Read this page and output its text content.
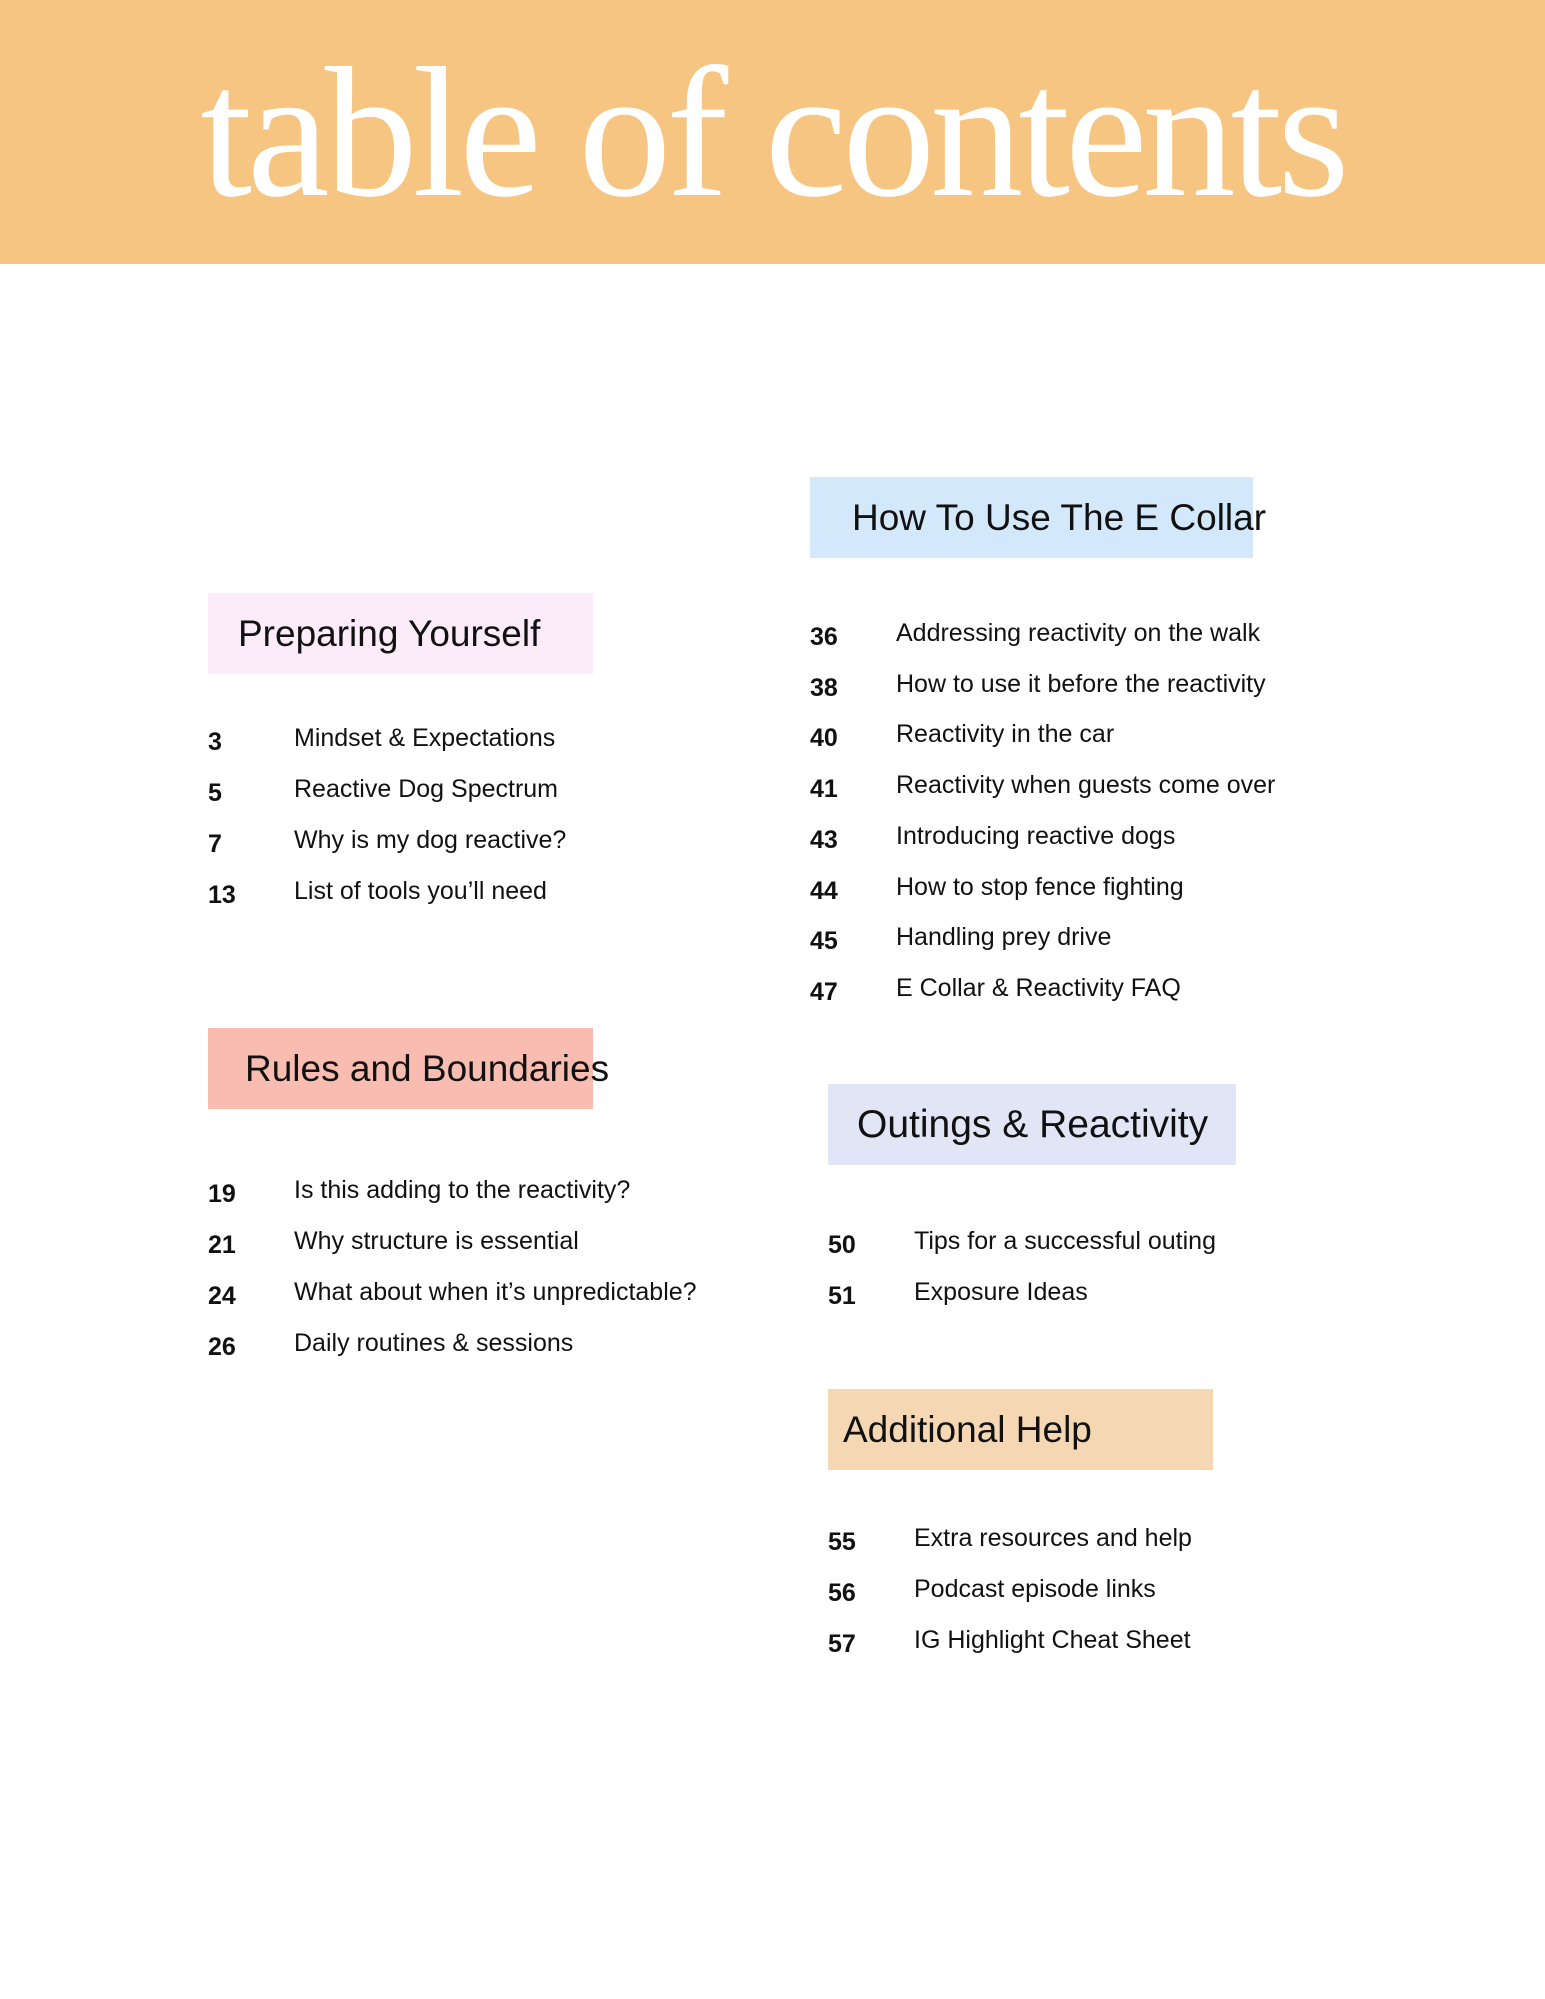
table of contents
Preparing Yourself
3	Mindset & Expectations
5	Reactive Dog Spectrum
7	Why is my dog reactive?
13 List of tools you’ll need
Rules and Boundaries
19 Is this adding to the reactivity?
21 Why structure is essential
24 What about when it’s unpredictable?
26 Daily routines & sessions
How To Use The E Collar
36 Addressing reactivity on the walk
38 How to use it before the reactivity
40 Reactivity in the car
41 Reactivity when guests come over
43 Introducing reactive dogs
44 How to stop fence fighting
45 Handling prey drive
47 E Collar & Reactivity FAQ
Outings & Reactivity
50 Tips for a successful outing
51 Exposure Ideas
Additional Help
55 Extra resources and help
56 Podcast episode links
57 IG Highlight Cheat Sheet
